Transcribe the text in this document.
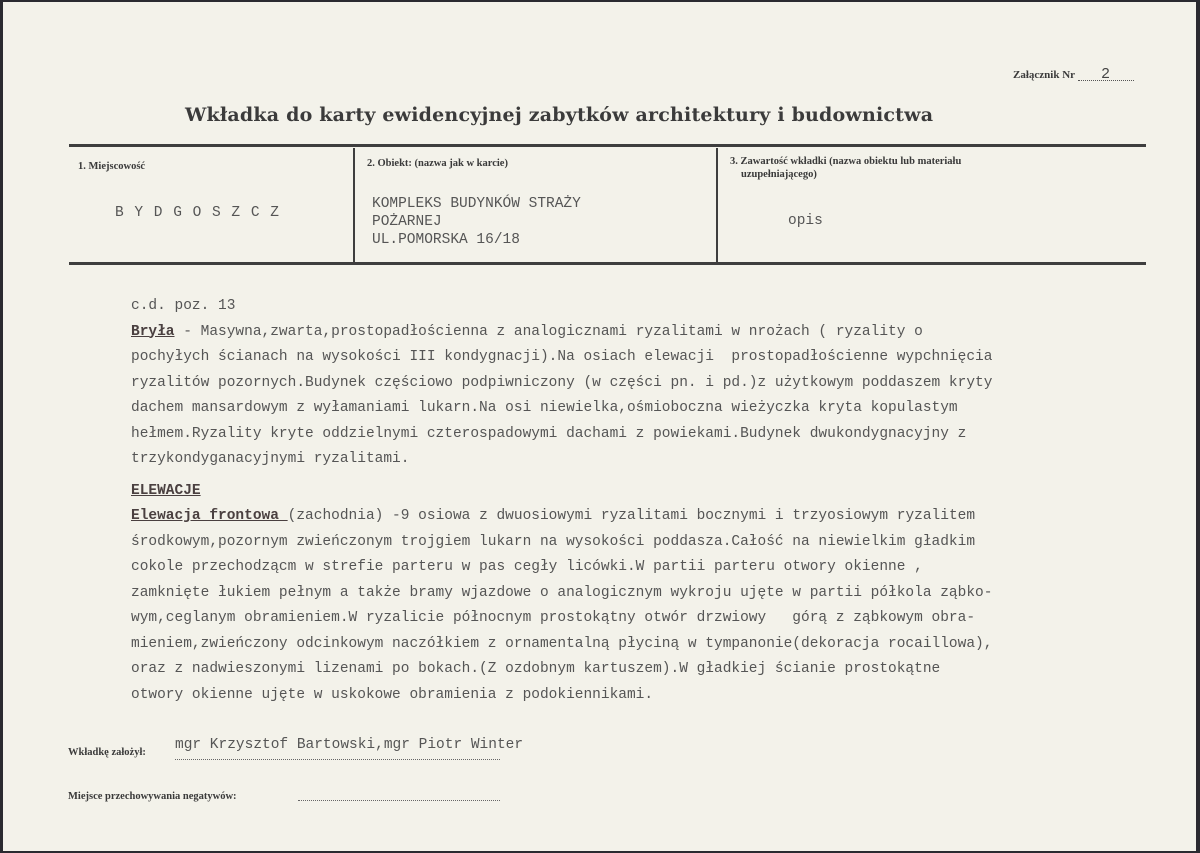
Załącznik Nr 2
Wkładka do karty ewidencyjnej zabytków architektury i budownictwa
1. Miejscowość
B Y D G O S Z C Z
2. Obiekt: (nazwa jak w karcie)
KOMPLEKS BUDYNKÓW STRAŻY
POŻARNEJ
UL.POMORSKA 16/18
3. Zawartość wkładki (nazwa obiektu lub materiału
uzupełniającego)
opis
c.d. poz. 13
Bryła - Masywna,zwarta,prostopadłościenna z analogicznami ryzalitami w nrożach ( ryzality o
pochyłych ścianach na wysokości III kondygnacji).Na osiach elewacji  prostopadłościenne wypchnięcia
ryzalitów pozornych.Budynek częściowo podpiwniczony (w części pn. i pd.)z użytkowym poddaszem kryty
dachem mansardowym z wyłamaniami lukarn.Na osi niewielka,ośmioboczna wieżyczka kryta kopulastym
hełmem.Ryzality kryte oddzielnymi czterospadowymi dachami z powiekami.Budynek dwukondygnacyjny z
trzykondyganacyjnymi ryzalitami.
ELEWACJE
Elewacja frontowa (zachodnia) -9 osiowa z dwuosiowymi ryzalitami bocznymi i trzyosiowym ryzalitem
środkowym,pozornym zwieńczonym trojgiem lukarn na wysokości poddasza.Całość na niewielkim gładkim
cokole przechodzącm w strefie parteru w pas cegły licówki.W partii parteru otwory okienne ,
zamknięte łukiem pełnym a także bramy wjazdowe o analogicznym wykroju ujęte w partii półkola ząbko-
wym,ceglanym obramieniem.W ryzalicie północnym prostokątny otwór drzwiowy   górą z ząbkowym obra-
mieniem,zwieńczony odcinkowym naczółkiem z ornamentalną płyciną w tympanonie(dekoracja rocaillowa),
oraz z nadwieszonymi lizenami po bokach.(Z ozdobnym kartuszem).W gładkiej ścianie prostokątne
otwory okienne ujęte w uskokowe obramienia z podokiennikami.
Wkładkę założył: mgr Krzysztof Bartowski,mgr Piotr Winter
Miejsce przechowywania negatywów:
